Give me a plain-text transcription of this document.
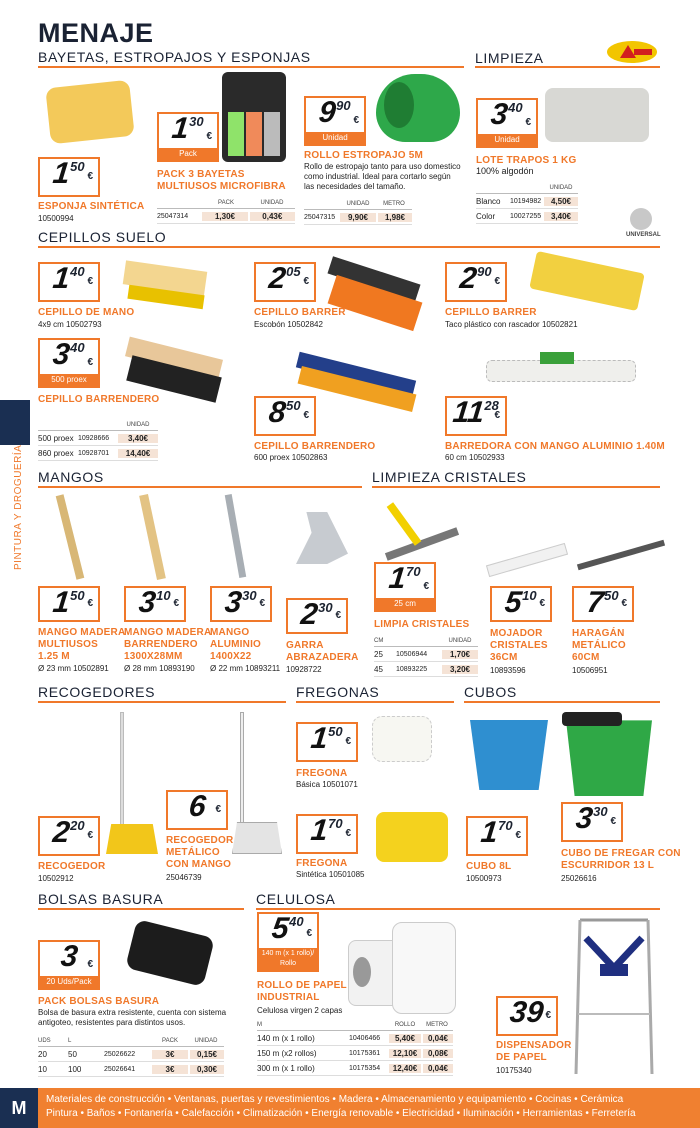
MENAJE
PINTURA Y DROGUERÍA
BAYETAS, ESTROPAJOS Y ESPONJAS	LIMPIEZA
CEPILLOS SUELO
MANGOS	LIMPIEZA CRISTALES
RECOGEDORES	FREGONAS	CUBOS
BOLSAS BASURA	CELULOSA
$1^{50}$
€
ESPONJA SINTÉTICA
10500994
$1^{30}$
€
Pack
PACK 3 BAYETAS
MULTIUSOS MICROFIBRA
PACK	UNIDAD
25047314	1,30€	0,43€
$9^{90}$
€
Unidad
ROLLO ESTROPAJO 5M
Rollo de estropajo tanto para uso domestico
como industrial. Ideal para cortarlo según
las necesidades del tamaño.
UNIDAD	METRO
25047315	9,90€	1,98€
$3^{40}$
€
Unidad
LOTE TRAPOS 1 KG
100% algodón
UNIDAD
Blanco	10194982	4,50€
Color	10027255	3,40€
UNIVERSAL
$1^{40}$
€
CEPILLO DE MANO
4x9 cm 10502793
$2^{05}$
€
CEPILLO BARRER
Escobón 10502842
$2^{90}$
€
CEPILLO BARRER
Taco plástico con rascador 10502821
$3^{40}$
€
500 proex
CEPILLO BARRENDERO
UNIDAD
500 proex 10928666	3,40€
860 proex 10928701	14,40€
$8^{50}$
€
CEPILLO BARRENDERO
600 proex 10502863
$11^{28}$
€
BARREDORA CON MANGO ALUMINIO 1.40M
60 cm 10502933
$1^{50}$
€
MANGO MADERA
MULTIUSOS
1.25 M
Ø 23 mm 10502891
$3^{10}$
€
MANGO MADERA
BARRENDERO
1300X28MM
Ø 28 mm 10893190
$3^{30}$
€
MANGO
ALUMINIO
1400X22
Ø 22 mm 10893211
$2^{30}$
€
GARRA
ABRAZADERA
10928722
$1^{70}$
€
25 cm
LIMPIA CRISTALES
CM	UNIDAD
25	10506944	1,70€
45	10893225	3,20€
$5^{10}$
€
MOJADOR
CRISTALES
36CM
10893596
$7^{50}$
€
HARAGÁN
METÁLICO
60CM
10506951
$2^{20}$
€
RECOGEDOR
10502912
6 €
RECOGEDOR
METÁLICO
CON MANGO
25046739
$1^{50}$
€
FREGONA
Básica 10501071
$1^{70}$
€
FREGONA
Sintética 10501085
$1^{70}$
€
CUBO 8L
10500973
$3^{30}$
€
CUBO DE FREGAR CON
ESCURRIDOR 13 L
25026616
3 €
20 Uds/Pack
PACK BOLSAS BASURA
Bolsa de basura extra resistente, cuenta con sistema
antigoteo, resistentes para distintos usos.
UDS	L	PACK	UNIDAD
20	50	25026622	3€	0,15€
10	100	25026641	3€	0,30€
$5^{40}$
€
140 m (x 1 rollo)/
Rollo
ROLLO DE PAPEL
INDUSTRIAL
Celulosa virgen 2 capas
M	ROLLO	METRO
140 m (x 1 rollo)	10406466	5,40€	0,04€
150 m (x2 rollos)	10175361	12,10€	0,08€
300 m (x 1 rollo)	10175354	12,40€	0,04€
39 €
DISPENSADOR
DE PAPEL
10175340
M	Materiales de construcción • Ventanas, puertas y revestimientos • Madera • Almacenamiento y equipamiento • Cocinas • Cerámica
Pintura • Baños • Fontanería • Calefacción • Climatización • Energía renovable • Electricidad • Iluminación • Herramientas • Ferretería
